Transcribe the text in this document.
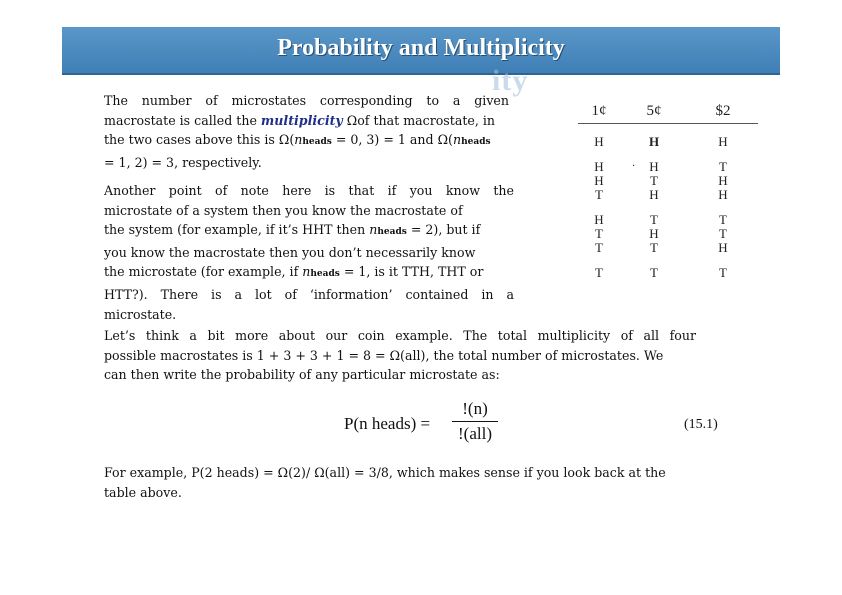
ity
Probability and Multiplicity
The number of microstates corresponding to a given
macrostate is called the multiplicity Ωof that macrostate, in
the two cases above this is Ω(nheads = 0, 3) = 1 and Ω(nheads
= 1, 2) = 3, respectively.
Another point of note here is that if you know the
microstate of a system then you know the macrostate of
the system (for example, if it’s HHT then nheads = 2), but if
you know the macrostate then you don’t necessarily know
the microstate (for example, if nheads = 1, is it TTH, THT or
HTT?). There is a lot of ‘information’ contained in a
microstate.
1¢	5¢	$2
H	H	H
H	H	T
H	T	H
T	H	H
H	T	T
T	H	T
T	T	H
T	T	T
.
Let’s think a bit more about our coin example. The total multiplicity of all four
possible macrostates is 1 + 3 + 3 + 1 = 8 = Ω(all), the total number of microstates. We
can then write the probability of any particular microstate as:
P(n heads) =
!(n)
!(all)	(15.1)
For example, P(2 heads) = Ω(2)/ Ω(all) = 3/8, which makes sense if you look back at the
table above.
